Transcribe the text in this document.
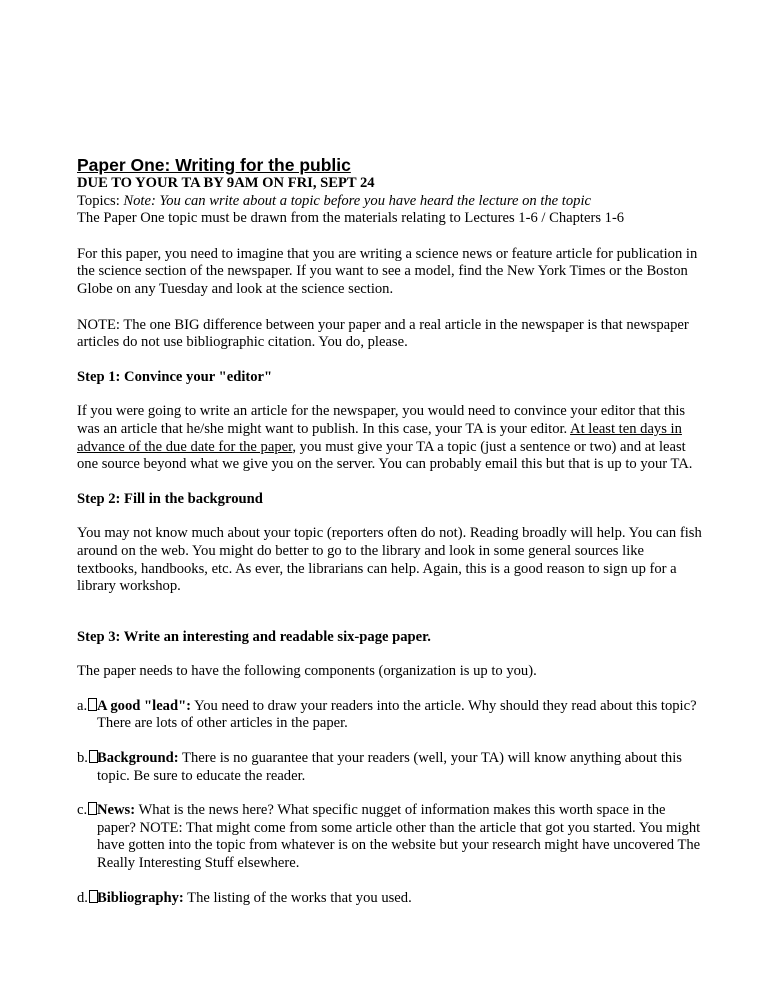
Paper One: Writing for the public

DUE TO YOUR TA BY 9AM ON FRI, SEPT 24

Topics: Note: You can write about a topic before you have heard the lecture on the topic

The Paper One topic must be drawn from the materials relating to Lectures 1-6 / Chapters 1-6

For this paper, you need to imagine that you are writing a science news or feature article for publication in the science section of the newspaper. If you want to see a model, find the New York Times or the Boston Globe on any Tuesday and look at the science section.

NOTE: The one BIG difference between your paper and a real article in the newspaper is that newspaper articles do not use bibliographic citation. You do, please.

Step 1: Convince your "editor"

If you were going to write an article for the newspaper, you would need to convince your editor that this was an article that he/she might want to publish. In this case, your TA is your editor. At least ten days in advance of the due date for the paper, you must give your TA a topic (just a sentence or two) and at least one source beyond what we give you on the server. You can probably email this but that is up to your TA.

Step 2: Fill in the background

You may not know much about your topic (reporters often do not). Reading broadly will help. You can fish around on the web. You might do better to go to the library and look in some general sources like textbooks, handbooks, etc. As ever, the librarians can help. Again, this is a good reason to sign up for a library workshop.

Step 3: Write an interesting and readable six-page paper.

The paper needs to have the following components (organization is up to you).

a. A good "lead": You need to draw your readers into the article. Why should they read about this topic? There are lots of other articles in the paper.
b. Background: There is no guarantee that your readers (well, your TA) will know anything about this topic. Be sure to educate the reader.
c. News: What is the news here? What specific nugget of information makes this worth space in the paper? NOTE: That might come from some article other than the article that got you started. You might have gotten into the topic from whatever is on the website but your research might have uncovered The Really Interesting Stuff elsewhere.
d. Bibliography: The listing of the works that you used.
